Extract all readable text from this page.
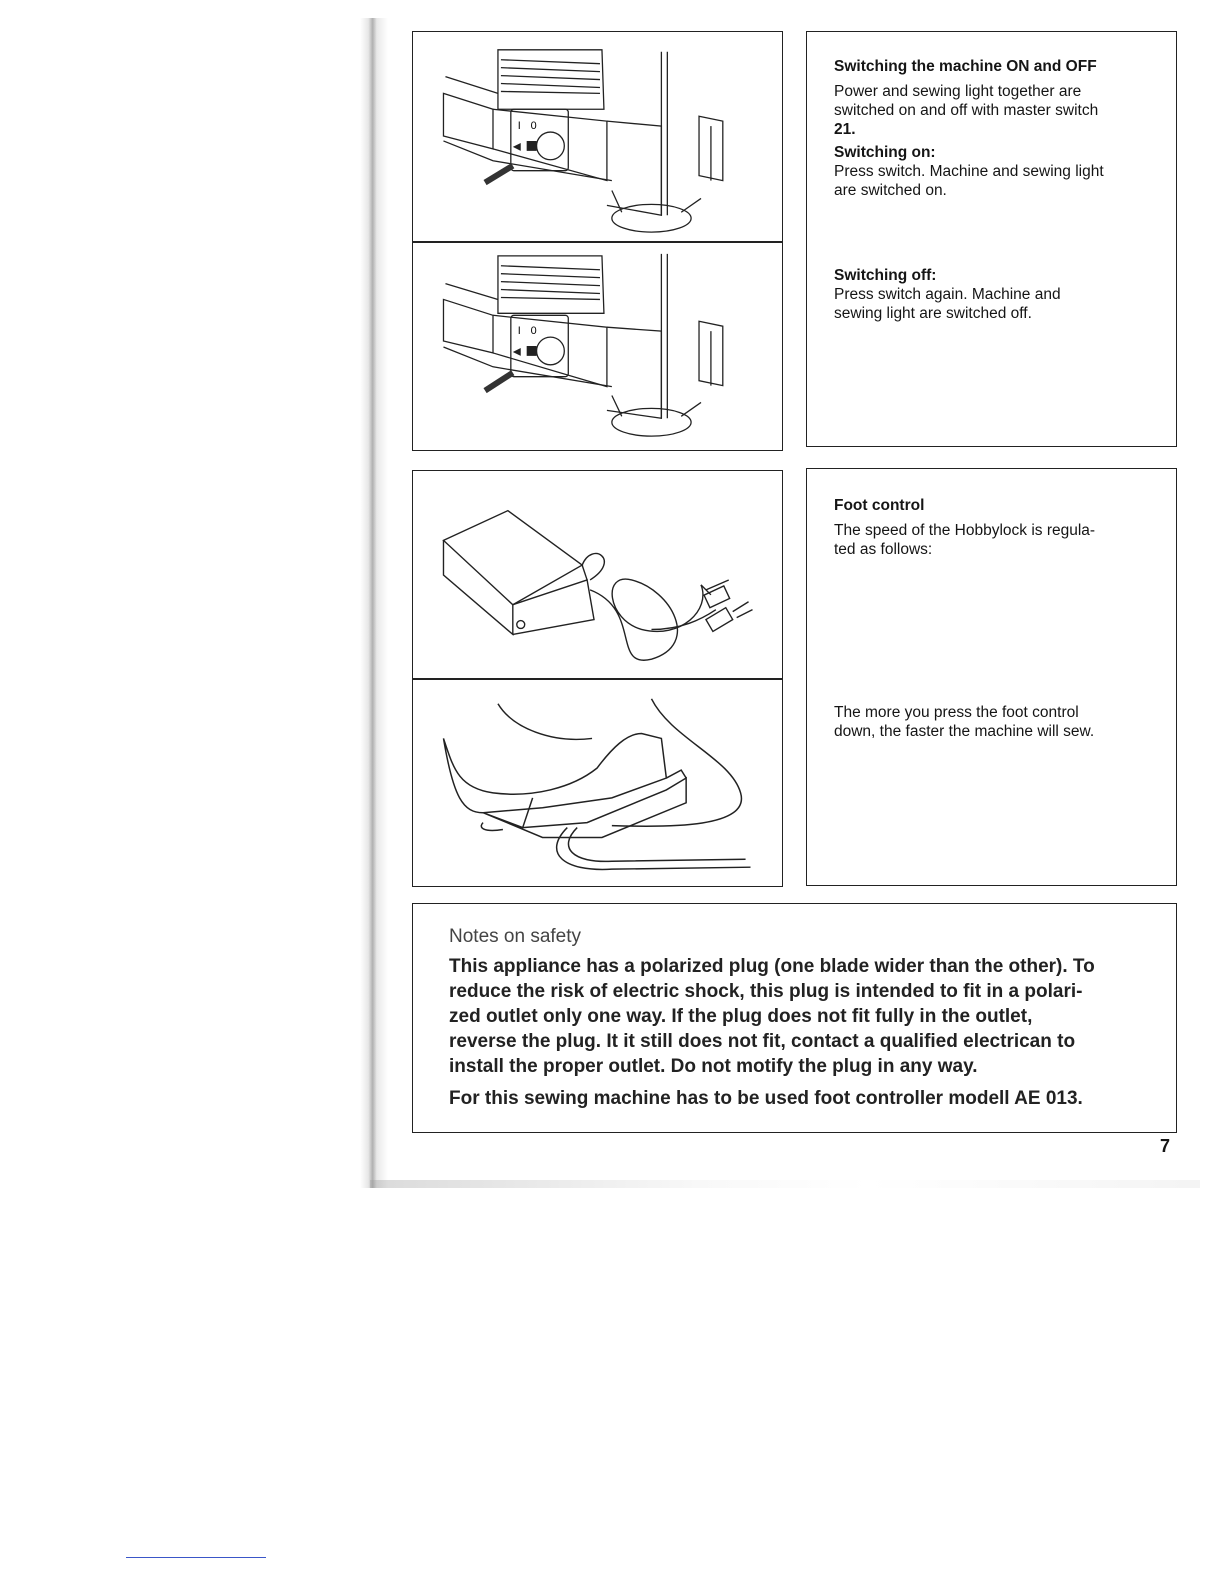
I 0
I 0
Switching the machine ON and OFF

Power and sewing light together are

switched on and off with master switch

21.

Switching on:

Press switch. Machine and sewing light

are switched on.

Switching off:

Press switch again. Machine and

sewing light are switched off.

Foot control

The speed of the Hobbylock is regula-

ted as follows:

The more you press the foot control

down, the faster the machine will sew.

Notes on safety
This appliance has a polarized plug (one blade wider than the other). To
reduce the risk of electric shock, this plug is intended to fit in a polari-
zed outlet only one way. If the plug does not fit fully in the outlet,
reverse the plug. It it still does not fit, contact a qualified electrican to
install the proper outlet. Do not motify the plug in any way.
For this sewing machine has to be used foot controller modell AE 013.
7
